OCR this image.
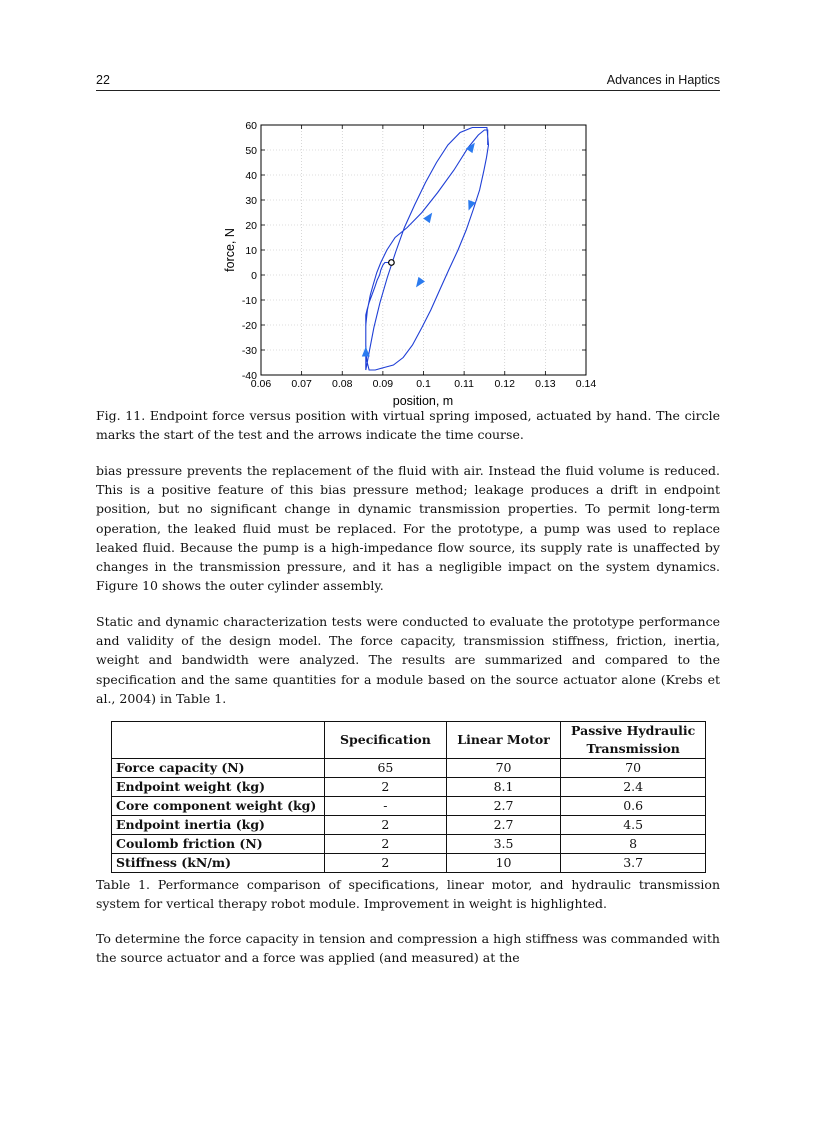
22	Advances in Haptics
60
50
40
30
20
10
0
-10
-20
-30
-40
0.06 0.07 0.08 0.09 0.1 0.11 0.12 0.13 0.14
position, m
force, N

Fig. 11. Endpoint force versus position with virtual spring imposed, actuated by hand. The circle marks the start of the test and the arrows indicate the time course.

bias pressure prevents the replacement of the fluid with air. Instead the fluid volume is reduced. This is a positive feature of this bias pressure method; leakage produces a drift in endpoint position, but no significant change in dynamic transmission properties. To permit long-term operation, the leaked fluid must be replaced. For the prototype, a pump was used to replace leaked fluid. Because the pump is a high-impedance flow source, its supply rate is unaffected by changes in the transmission pressure, and it has a negligible impact on the system dynamics. Figure 10 shows the outer cylinder assembly.

Static and dynamic characterization tests were conducted to evaluate the prototype performance and validity of the design model. The force capacity, transmission stiffness, friction, inertia, weight and bandwidth were analyzed. The results are summarized and compared to the specification and the same quantities for a module based on the source actuator alone (Krebs et al., 2004) in Table 1.

	Specification	Linear Motor	Passive Hydraulic Transmission
Force capacity (N)	65	70	70
Endpoint weight (kg)	2	8.1	2.4
Core component weight (kg)	-	2.7	0.6
Endpoint inertia (kg)	2	2.7	4.5
Coulomb friction (N)	2	3.5	8
Stiffness (kN/m)	2	10	3.7

Table 1. Performance comparison of specifications, linear motor, and hydraulic transmission system for vertical therapy robot module. Improvement in weight is highlighted.

To determine the force capacity in tension and compression a high stiffness was commanded with the source actuator and a force was applied (and measured) at the
